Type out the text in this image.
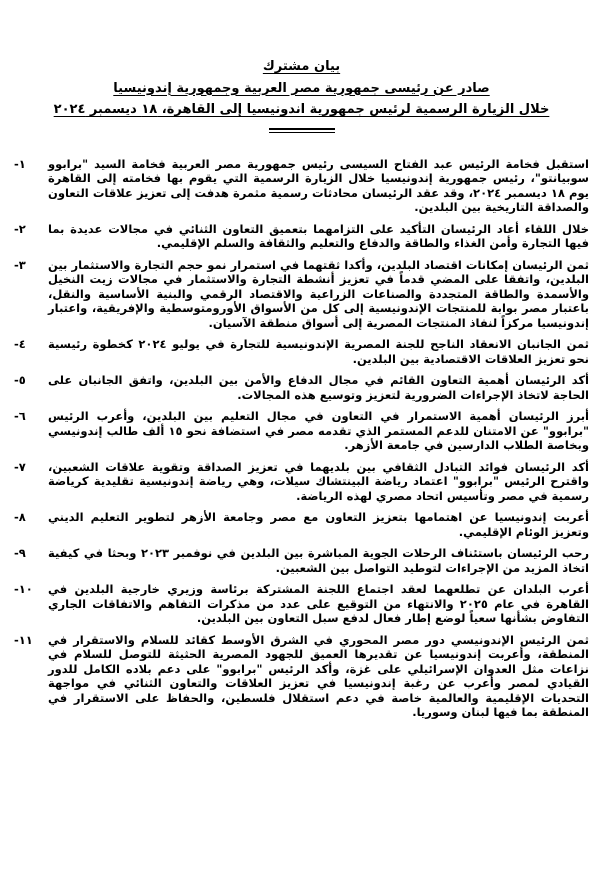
بيان مشترك
صادر عن رئيسى جمهورية مصر العربية وجمهورية إندونيسيا
خلال الزيارة الرسمية لرئيس جمهورية اندونيسيا إلى القاهرة، ١٨ ديسمبر ٢٠٢٤
١-	استقبل فخامة الرئيس عبد الفتاح السيسى رئيس جمهورية مصر العربية فخامة السيد "برابوو سوبيانتو"، رئيس جمهورية إندونيسيا خلال الزيارة الرسمية التي يقوم بها فخامته إلى القاهرة يوم ١٨ ديسمبر ٢٠٢٤، وقد عقد الرئيسان محادثات رسمية مثمرة هدفت إلى تعزيز علاقات التعاون والصداقة التاريخية بين البلدين.
٢-	خلال اللقاء أعاد الرئيسان التأكيد على التزامهما بتعميق التعاون الثنائي في مجالات عديدة بما فيها التجارة وأمن الغذاء والطاقة والدفاع والتعليم والثقافة والسلم الإقليمي.
٣-	ثمن الرئيسان إمكانات اقتصاد البلدين، وأكدا ثقتهما في استمرار نمو حجم التجارة والاستثمار بين البلدين، واتفقا على المضي قدماً في تعزيز أنشطة التجارة والاستثمار في مجالات زيت النخيل والأسمدة والطاقة المتجددة والصناعات الزراعية والاقتصاد الرقمي والبنية الأساسية والنقل، باعتبار مصر بوابة للمنتجات الإندونيسية إلى كل من الأسواق الأورومتوسطية والإفريقية، واعتبار إندونيسيا مركزاً لنفاذ المنتجات المصرية إلى أسواق منطقة الآسيان.
٤-	ثمن الجانبان الانعقاد الناجح للجنة المصرية الإندونيسية للتجارة في يوليو ٢٠٢٤ كخطوة رئيسية نحو تعزيز العلاقات الاقتصادية بين البلدين.
٥-	أكد الرئيسان أهمية التعاون القائم في مجال الدفاع والأمن بين البلدين، واتفق الجانبان على الحاجة لاتخاذ الإجراءات الضرورية لتعزيز وتوسيع هذه المجالات.
٦-	أبرز الرئيسان أهمية الاستمرار في التعاون في مجال التعليم بين البلدين، وأعرب الرئيس "برابوو" عن الامتنان للدعم المستمر الذي تقدمه مصر في استضافة نحو ١٥ ألف طالب إندونيسي وبخاصة الطلاب الدارسين في جامعة الأزهر.
٧-	أكد الرئيسان فوائد التبادل الثقافي بين بلديهما في تعزيز الصداقة وتقوية علاقات الشعبين، واقترح الرئيس "برابوو" اعتماد رياضة البينتشاك سيلات، وهي رياضة إندونيسية تقليدية كرياضة رسمية في مصر وتأسيس اتحاد مصري لهذه الرياضة.
٨-	أعربت إندونيسيا عن اهتمامها بتعزيز التعاون مع مصر وجامعة الأزهر لتطوير التعليم الديني وتعزيز الوئام الإقليمي.
٩-	رحب الرئيسان باستئناف الرحلات الجوية المباشرة بين البلدين في نوفمبر ٢٠٢٣ وبحثا في كيفية اتخاذ المزيد من الإجراءات لتوطيد التواصل بين الشعبين.
١٠-	أعرب البلدان عن تطلعهما لعقد اجتماع اللجنة المشتركة برئاسة وزيري خارجية البلدين في القاهرة في عام ٢٠٢٥ والانتهاء من التوقيع على عدد من مذكرات التفاهم والاتفاقات الجاري التفاوض بشأنها سعياً لوضع إطار فعال لدفع سبل التعاون بين البلدين.
١١-	ثمن الرئيس الإندونيسي دور مصر المحوري في الشرق الأوسط كقائد للسلام والاستقرار في المنطقة، وأعربت إندونيسيا عن تقديرها العميق للجهود المصرية الحثيثة للتوصل للسلام في نزاعات مثل العدوان الإسرائيلي على غزة، وأكد الرئيس "برابوو" على دعم بلاده الكامل للدور القيادي لمصر وأعرب عن رغبة إندونيسيا في تعزيز العلاقات والتعاون الثنائي في مواجهة التحديات الإقليمية والعالمية خاصة في دعم استقلال فلسطين، والحفاظ على الاستقرار في المنطقة بما فيها لبنان وسوريا.
